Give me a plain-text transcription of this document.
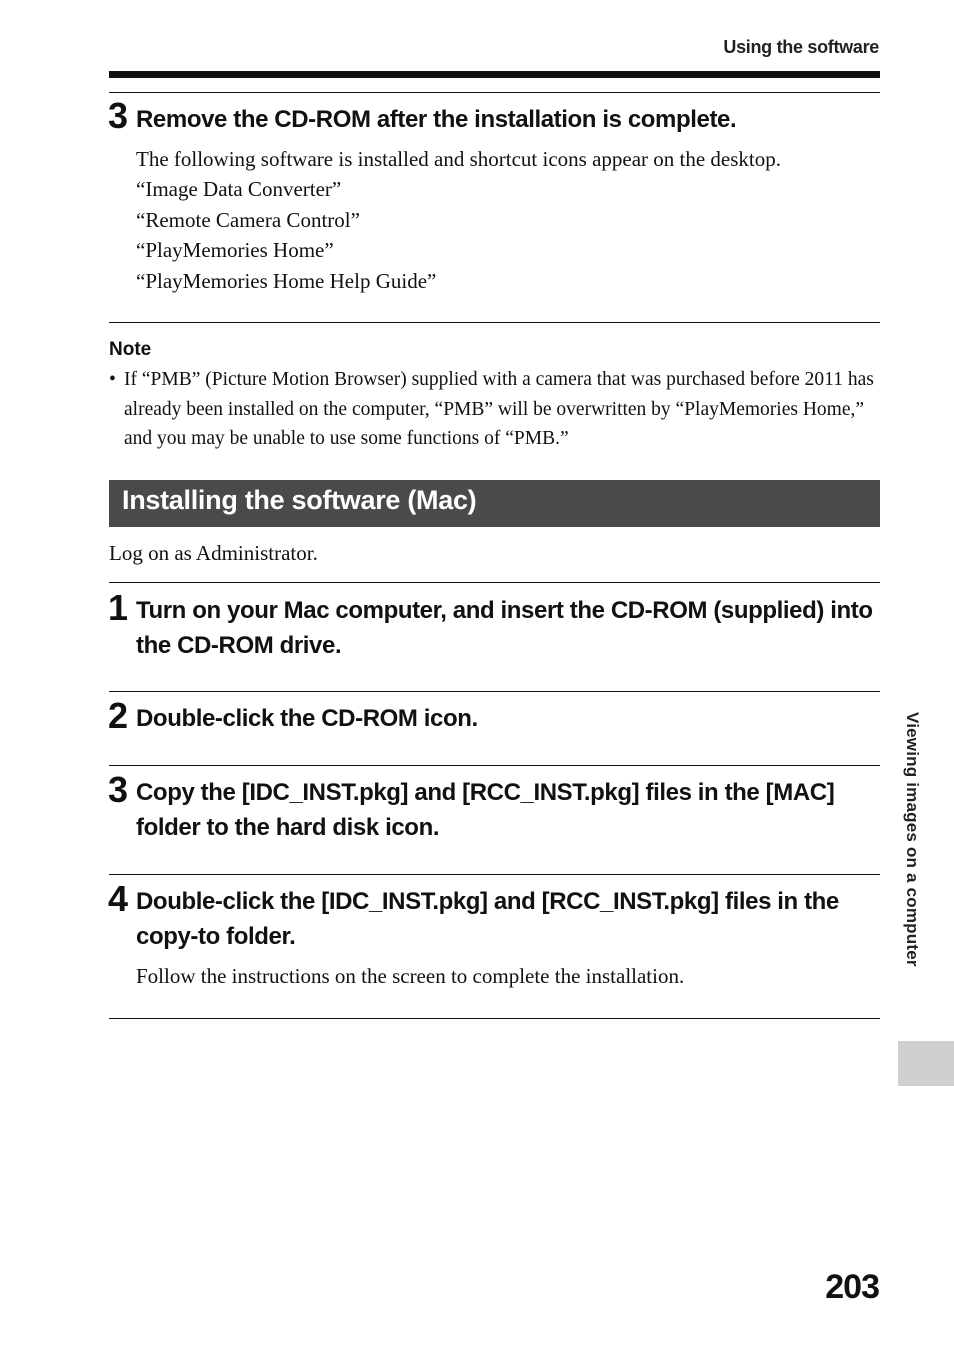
Using the software
3 Remove the CD-ROM after the installation is complete.
The following software is installed and shortcut icons appear on the desktop.
“Image Data Converter”
“Remote Camera Control”
“PlayMemories Home”
“PlayMemories Home Help Guide”
Note
• If “PMB” (Picture Motion Browser) supplied with a camera that was purchased before 2011 has already been installed on the computer, “PMB” will be overwritten by “PlayMemories Home,” and you may be unable to use some functions of “PMB.”
Installing the software (Mac)
Log on as Administrator.
1 Turn on your Mac computer, and insert the CD-ROM (supplied) into the CD-ROM drive.
2 Double-click the CD-ROM icon.
3 Copy the [IDC_INST.pkg] and [RCC_INST.pkg] files in the [MAC] folder to the hard disk icon.
4 Double-click the [IDC_INST.pkg] and [RCC_INST.pkg] files in the copy-to folder.
Follow the instructions on the screen to complete the installation.
Viewing images on a computer
203
